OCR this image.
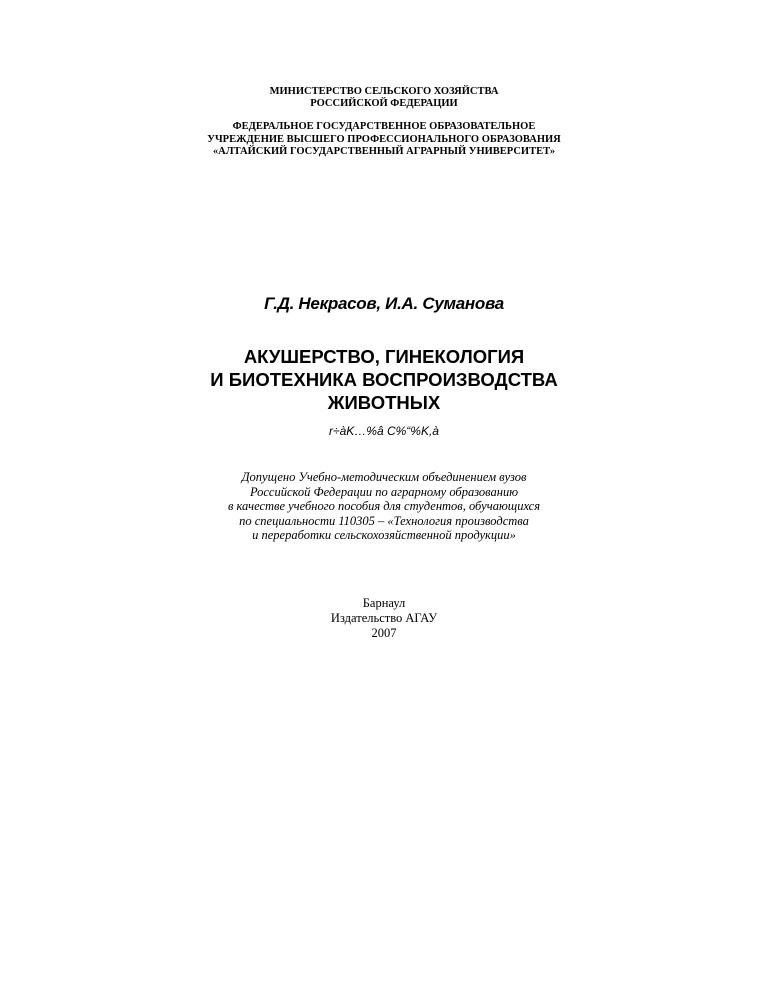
МИНИСТЕРСТВО СЕЛЬСКОГО ХОЗЯЙСТВА
РОССИЙСКОЙ ФЕДЕРАЦИИ
ФЕДЕРАЛЬНОЕ ГОСУДАРСТВЕННОЕ ОБРАЗОВАТЕЛЬНОЕ
УЧРЕЖДЕНИЕ ВЫСШЕГО ПРОФЕССИОНАЛЬНОГО ОБРАЗОВАНИЯ
«АЛТАЙСКИЙ ГОСУДАРСТВЕННЫЙ АГРАРНЫЙ УНИВЕРСИТЕТ»
Г.Д. Некрасов, И.А. Суманова
АКУШЕРСТВО, ГИНЕКОЛОГИЯ
И БИОТЕХНИКА ВОСПРОИЗВОДСТВА
ЖИВОТНЫХ
r÷àK…%â C%“%K,à
Допущено Учебно-методическим объединением вузов
Российской Федерации по аграрному образованию
в качестве учебного пособия для студентов, обучающихся
по специальности 110305 – «Технология производства
и переработки сельскохозяйственной продукции»
Барнаул
Издательство АГАУ
2007
